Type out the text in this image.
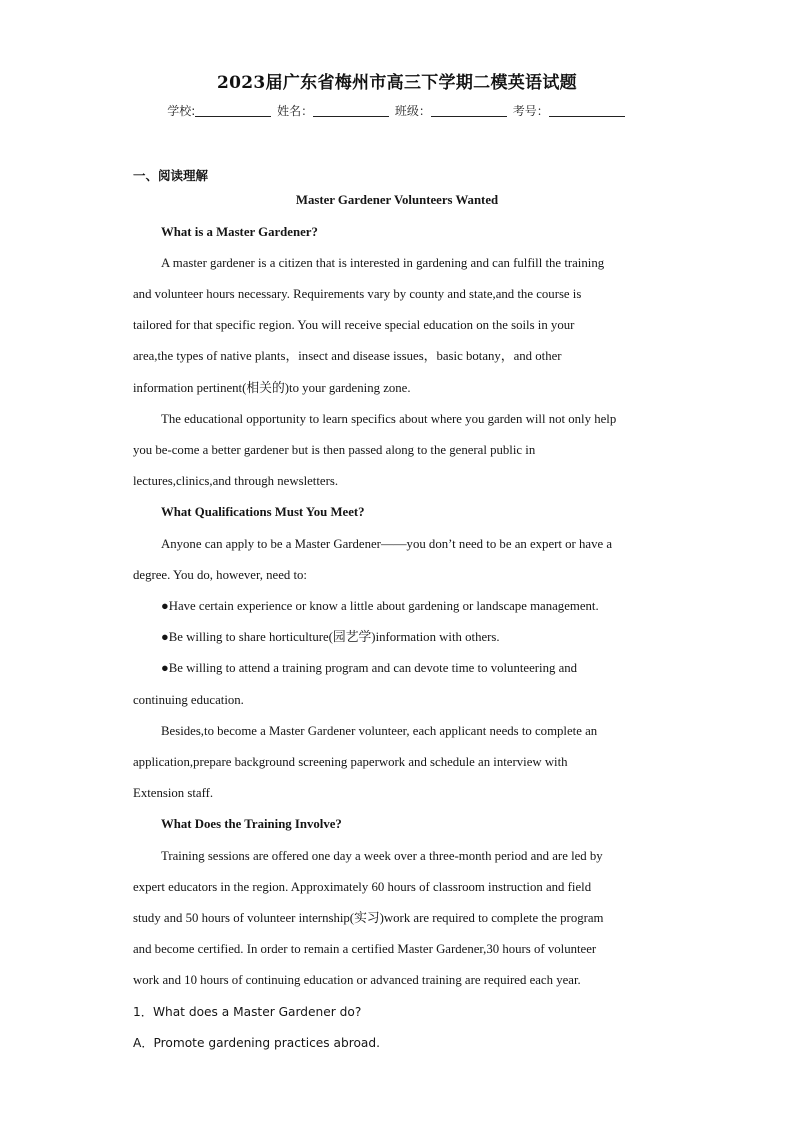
2023届广东省梅州市高三下学期二模英语试题
学校:	姓名：	班级：	考号：
一、阅读理解
Master Gardener Volunteers Wanted
What is a Master Gardener?
A master gardener is a citizen that is interested in gardening and can fulfill the training
and volunteer hours necessary. Requirements vary by county and state,and the course is
tailored for that specific region. You will receive special education on the soils in your
area,the types of native plants，insect and disease issues，basic botany，and other
information pertinent(相关的)to your gardening zone.
The educational opportunity to learn specifics about where you garden will not only help
you be-come a better gardener but is then passed along to the general public in
lectures,clinics,and through newsletters.
What Qualifications Must You Meet?
Anyone can apply to be a Master Gardener——you don’t need to be an expert or have a
degree. You do, however, need to:
●Have certain experience or know a little about gardening or landscape management.
●Be willing to share horticulture(园艺学)information with others.
●Be willing to attend a training program and can devote time to volunteering and
continuing education.
Besides,to become a Master Gardener volunteer, each applicant needs to complete an
application,prepare background screening paperwork and schedule an interview with
Extension staff.
What Does the Training Involve?
Training sessions are offered one day a week over a three-month period and are led by
expert educators in the region. Approximately 60 hours of classroom instruction and field
study and 50 hours of volunteer internship(实习)work are required to complete the program
and become certified. In order to remain a certified Master Gardener,30 hours of volunteer
work and 10 hours of continuing education or advanced training are required each year.
1．What does a Master Gardener do?
A．Promote gardening practices abroad.
